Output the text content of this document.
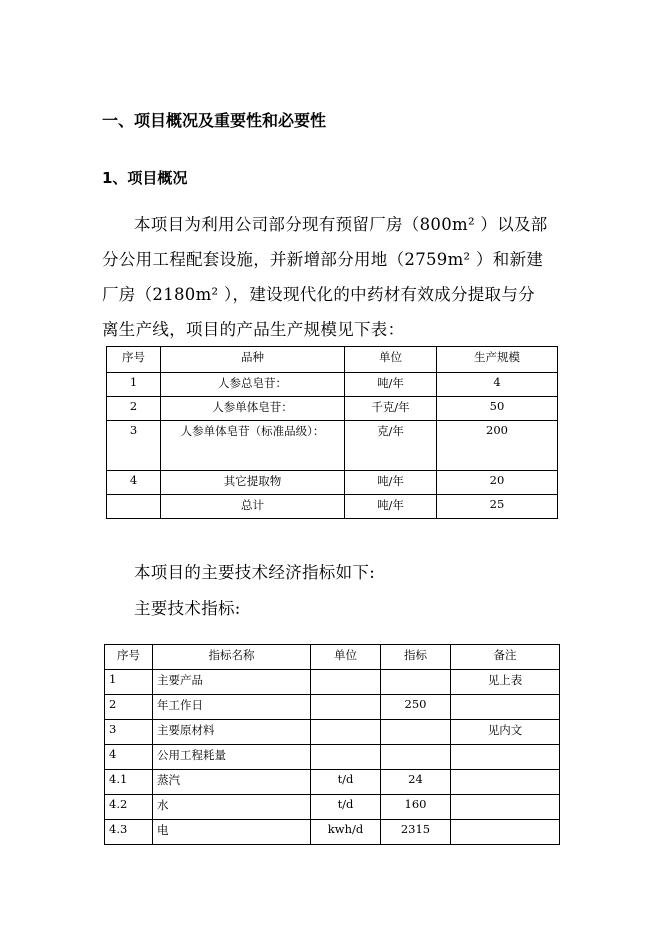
一、项目概况及重要性和必要性
1、项目概况
本项目为利用公司部分现有预留厂房（800m² ）以及部
分公用工程配套设施，并新增部分用地（2759m² ）和新建
厂房（2180m² ），建设现代化的中药材有效成分提取与分
离生产线，项目的产品生产规模见下表：
序号	品种	单位	生产规模
1	人参总皂苷：	吨/年	4
2	人参单体皂苷：	千克/年	50
3	人参单体皂苷（标准品级）：	克/年	200
4	其它提取物	吨/年	20
	总计	吨/年	25
本项目的主要技术经济指标如下:
主要技术指标:
序号	指标名称	单位	指标	备注
1	主要产品			见上表
2	年工作日		250	
3	主要原材料			见内文
4	公用工程耗量			
4.1	蒸汽	t/d	24	
4.2	水	t/d	160	
4.3	电	kwh/d	2315	
